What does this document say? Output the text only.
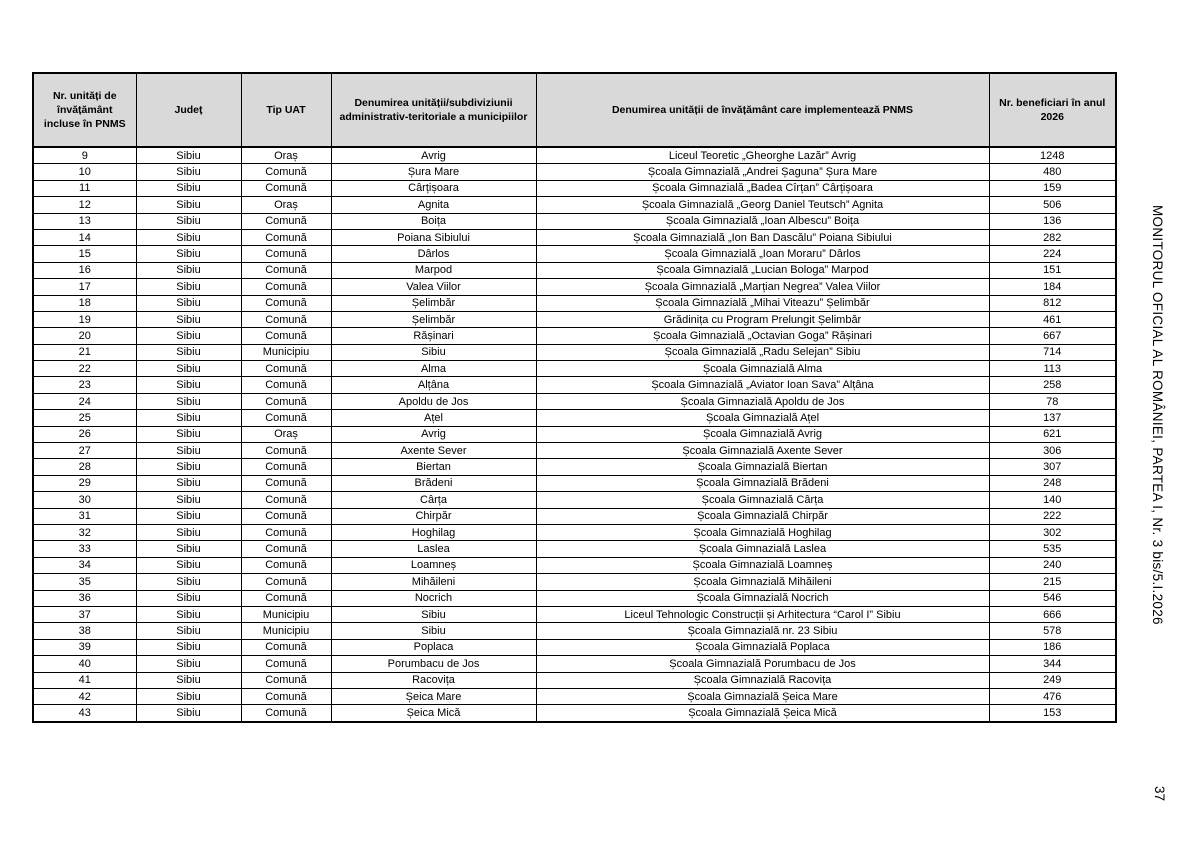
Nr. unități de învățământ incluse în PNMS	Județ	Tip UAT	Denumirea unității/subdiviziunii administrativ-teritoriale a municipiilor	Denumirea unității de învățământ care implementează PNMS	Nr. beneficiari în anul 2026
9	Sibiu	Oraș	Avrig	Liceul Teoretic „Gheorghe Lazăr” Avrig	1248
10	Sibiu	Comună	Șura Mare	Școala Gimnazială „Andrei Șaguna” Șura Mare	480
11	Sibiu	Comună	Cârțișoara	Școala Gimnazială „Badea Cîrțan” Cârțișoara	159
12	Sibiu	Oraș	Agnita	Școala Gimnazială „Georg Daniel Teutsch” Agnita	506
13	Sibiu	Comună	Boița	Școala Gimnazială „Ioan Albescu” Boița	136
14	Sibiu	Comună	Poiana Sibiului	Școala Gimnazială „Ion Ban Dascălu” Poiana Sibiului	282
15	Sibiu	Comună	Dârlos	Școala Gimnazială „Ioan Moraru” Dârlos	224
16	Sibiu	Comună	Marpod	Școala Gimnazială „Lucian Bologa” Marpod	151
17	Sibiu	Comună	Valea Viilor	Școala Gimnazială „Marțian Negrea” Valea Viilor	184
18	Sibiu	Comună	Șelimbăr	Școala Gimnazială „Mihai Viteazu” Șelimbăr	812
19	Sibiu	Comună	Șelimbăr	Grădinița cu Program Prelungit Șelimbăr	461
20	Sibiu	Comună	Rășinari	Școala Gimnazială „Octavian Goga” Rășinari	667
21	Sibiu	Municipiu	Sibiu	Școala Gimnazială „Radu Selejan” Sibiu	714
22	Sibiu	Comună	Alma	Școala Gimnazială Alma	113
23	Sibiu	Comună	Alțâna	Școala Gimnazială „Aviator Ioan Sava” Alțâna	258
24	Sibiu	Comună	Apoldu de Jos	Școala Gimnazială Apoldu de Jos	78
25	Sibiu	Comună	Ațel	Școala Gimnazială Ațel	137
26	Sibiu	Oraș	Avrig	Școala Gimnazială Avrig	621
27	Sibiu	Comună	Axente Sever	Școala Gimnazială Axente Sever	306
28	Sibiu	Comună	Biertan	Școala Gimnazială Biertan	307
29	Sibiu	Comună	Brădeni	Școala Gimnazială Brădeni	248
30	Sibiu	Comună	Cârța	Școala Gimnazială Cârța	140
31	Sibiu	Comună	Chirpăr	Școala Gimnazială Chirpăr	222
32	Sibiu	Comună	Hoghilag	Școala Gimnazială Hoghilag	302
33	Sibiu	Comună	Laslea	Școala Gimnazială Laslea	535
34	Sibiu	Comună	Loamneș	Școala Gimnazială Loamneș	240
35	Sibiu	Comună	Mihăileni	Școala Gimnazială Mihăileni	215
36	Sibiu	Comună	Nocrich	Școala Gimnazială Nocrich	546
37	Sibiu	Municipiu	Sibiu	Liceul Tehnologic Construcții și Arhitectura “Carol I” Sibiu	666
38	Sibiu	Municipiu	Sibiu	Școala Gimnazială nr. 23 Sibiu	578
39	Sibiu	Comună	Poplaca	Școala Gimnazială Poplaca	186
40	Sibiu	Comună	Porumbacu de Jos	Școala Gimnazială Porumbacu de Jos	344
41	Sibiu	Comună	Racovița	Școala Gimnazială Racovița	249
42	Sibiu	Comună	Șeica Mare	Școala Gimnazială Șeica Mare	476
43	Sibiu	Comună	Șeica Mică	Școala Gimnazială Șeica Mică	153
MONITORUL OFICIAL AL ROMÂNIEI, PARTEA I, Nr. 3 bis/5.I.2026
37
